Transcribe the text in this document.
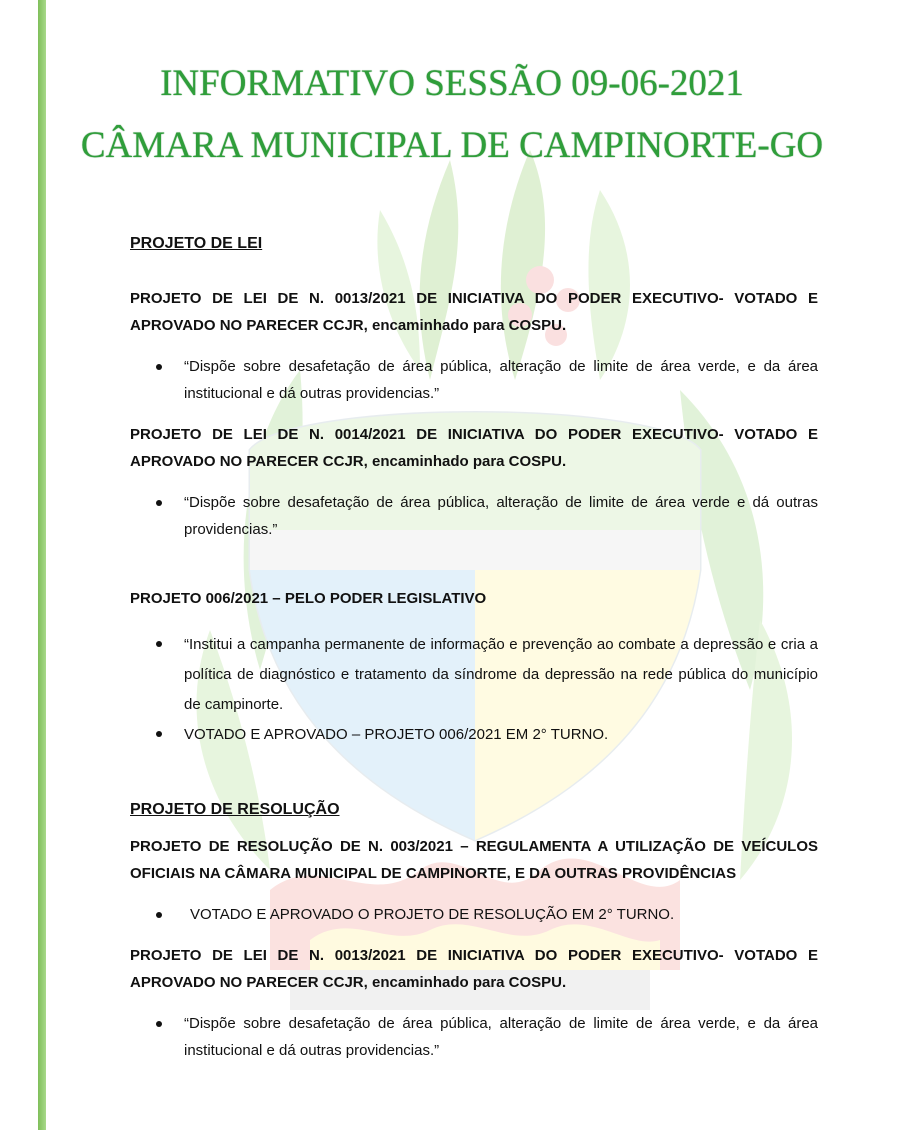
INFORMATIVO SESSÃO 09-06-2021
CÂMARA MUNICIPAL DE CAMPINORTE-GO

PROJETO DE LEI

PROJETO DE LEI DE N. 0013/2021 DE INICIATIVA DO PODER EXECUTIVO- VOTADO E APROVADO NO PARECER CCJR, encaminhado para COSPU.

“Dispõe sobre desafetação de área pública, alteração de limite de área verde, e da área institucional e dá outras providencias.”

PROJETO DE LEI DE N. 0014/2021 DE INICIATIVA DO PODER EXECUTIVO- VOTADO E APROVADO NO PARECER CCJR, encaminhado para COSPU.

“Dispõe sobre desafetação de área pública, alteração de limite de área verde e dá outras providencias.”

PROJETO 006/2021 – PELO PODER LEGISLATIVO

“Institui a campanha permanente de informação e prevenção ao combate a depressão e cria a política de diagnóstico e tratamento da síndrome da depressão na rede pública do município de campinorte.
VOTADO E APROVADO – PROJETO 006/2021 EM 2° TURNO.

PROJETO DE RESOLUÇÃO

PROJETO DE RESOLUÇÃO DE N. 003/2021 – REGULAMENTA A UTILIZAÇÃO DE VEÍCULOS OFICIAIS NA CÂMARA MUNICIPAL DE CAMPINORTE, E DA OUTRAS PROVIDÊNCIAS

VOTADO E APROVADO O PROJETO DE RESOLUÇÃO EM 2° TURNO.

PROJETO DE LEI DE N. 0013/2021 DE INICIATIVA DO PODER EXECUTIVO- VOTADO E APROVADO NO PARECER CCJR, encaminhado para COSPU.

“Dispõe sobre desafetação de área pública, alteração de limite de área verde, e da área institucional e dá outras providencias.”
